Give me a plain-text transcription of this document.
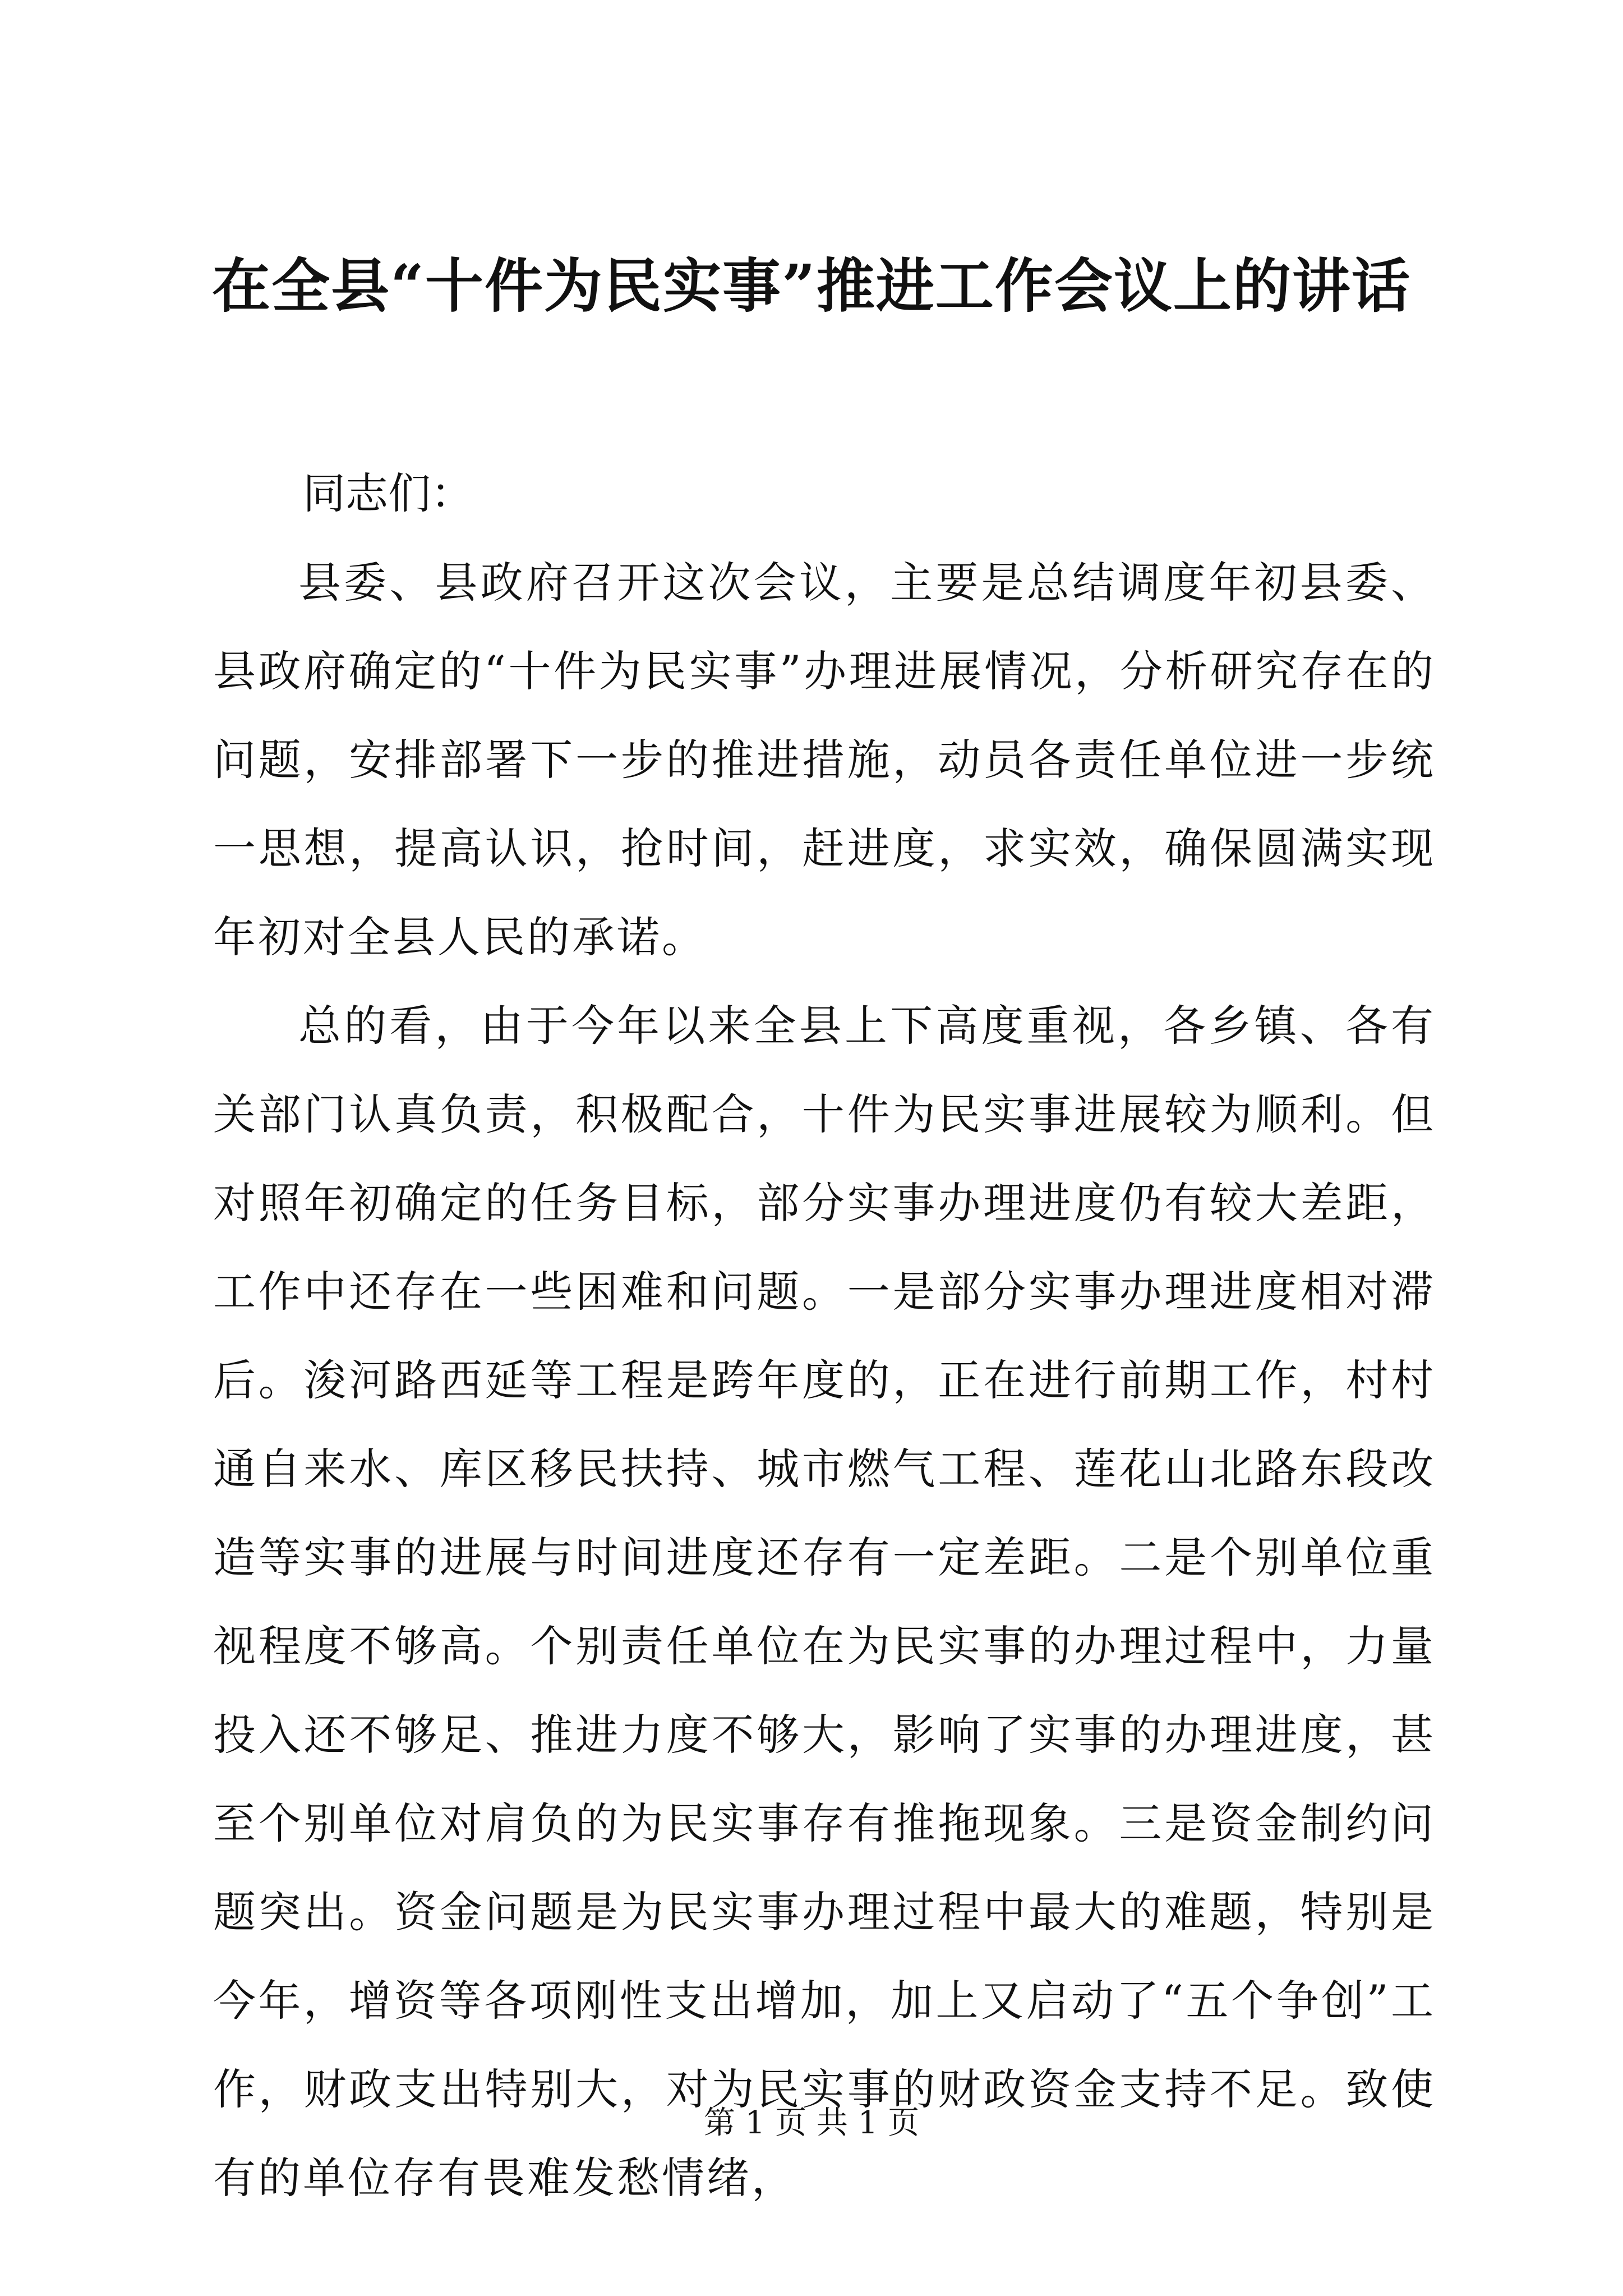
在全县“十件为民实事”推进工作会议上的讲话

同志们：

县委、县政府召开这次会议，主要是总结调度年初县委、县政府确定的“十件为民实事”办理进展情况，分析研究存在的问题，安排部署下一步的推进措施，动员各责任单位进一步统一思想，提高认识，抢时间，赶进度，求实效，确保圆满实现年初对全县人民的承诺。

总的看，由于今年以来全县上下高度重视，各乡镇、各有关部门认真负责，积极配合，十件为民实事进展较为顺利。但对照年初确定的任务目标，部分实事办理进度仍有较大差距，工作中还存在一些困难和问题。一是部分实事办理进度相对滞后。浚河路西延等工程是跨年度的，正在进行前期工作，村村通自来水、库区移民扶持、城市燃气工程、莲花山北路东段改造等实事的进展与时间进度还存有一定差距。二是个别单位重视程度不够高。个别责任单位在为民实事的办理过程中，力量投入还不够足、推进力度不够大，影响了实事的办理进度，甚至个别单位对肩负的为民实事存有推拖现象。三是资金制约问题突出。资金问题是为民实事办理过程中最大的难题，特别是今年，增资等各项刚性支出增加，加上又启动了“五个争创”工作，财政支出特别大，对为民实事的财政资金支持不足。致使有的单位存有畏难发愁情绪，

第 1 页 共 1 页
